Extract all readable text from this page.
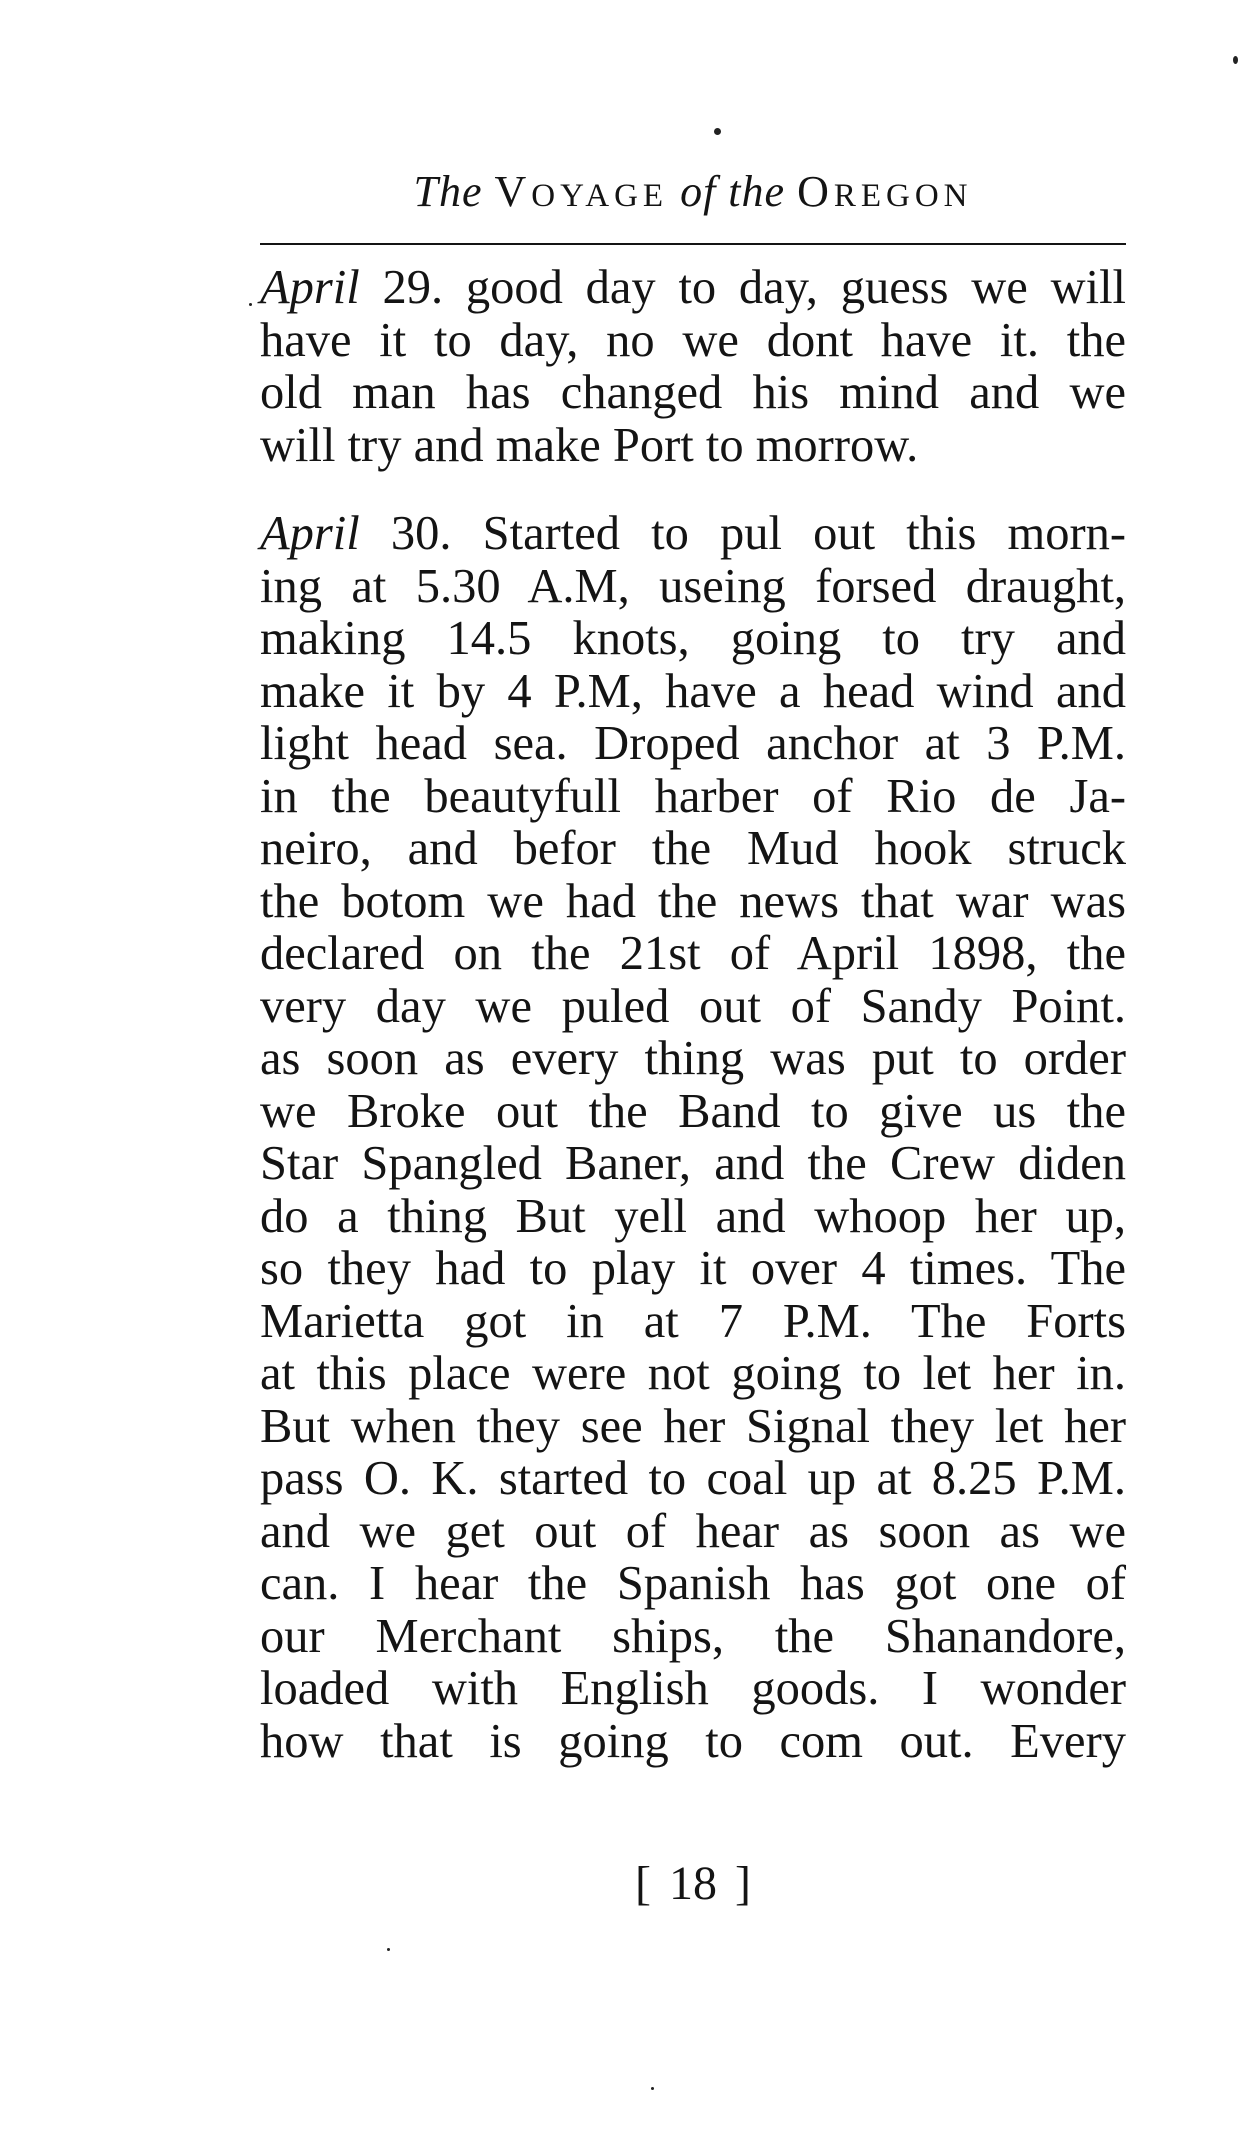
The VOYAGE of the OREGON
April 29. good day to day, guess we will
have it to day, no we dont have it. the
old man has changed his mind and we
will try and make Port to morrow.
April 30. Started to pul out this morn-
ing at 5.30 A.M, useing forsed draught,
making 14.5 knots, going to try and
make it by 4 P.M, have a head wind and
light head sea. Droped anchor at 3 P.M.
in the beautyfull harber of Rio de Ja-
neiro, and befor the Mud hook struck
the botom we had the news that war was
declared on the 21st of April 1898, the
very day we puled out of Sandy Point.
as soon as every thing was put to order
we Broke out the Band to give us the
Star Spangled Baner, and the Crew diden
do a thing But yell and whoop her up,
so they had to play it over 4 times. The
Marietta got in at 7 P.M. The Forts
at this place were not going to let her in.
But when they see her Signal they let her
pass O. K. started to coal up at 8.25 P.M.
and we get out of hear as soon as we
can. I hear the Spanish has got one of
our Merchant ships, the Shanandore,
loaded with English goods. I wonder
how that is going to com out. Every
[ 18 ]
